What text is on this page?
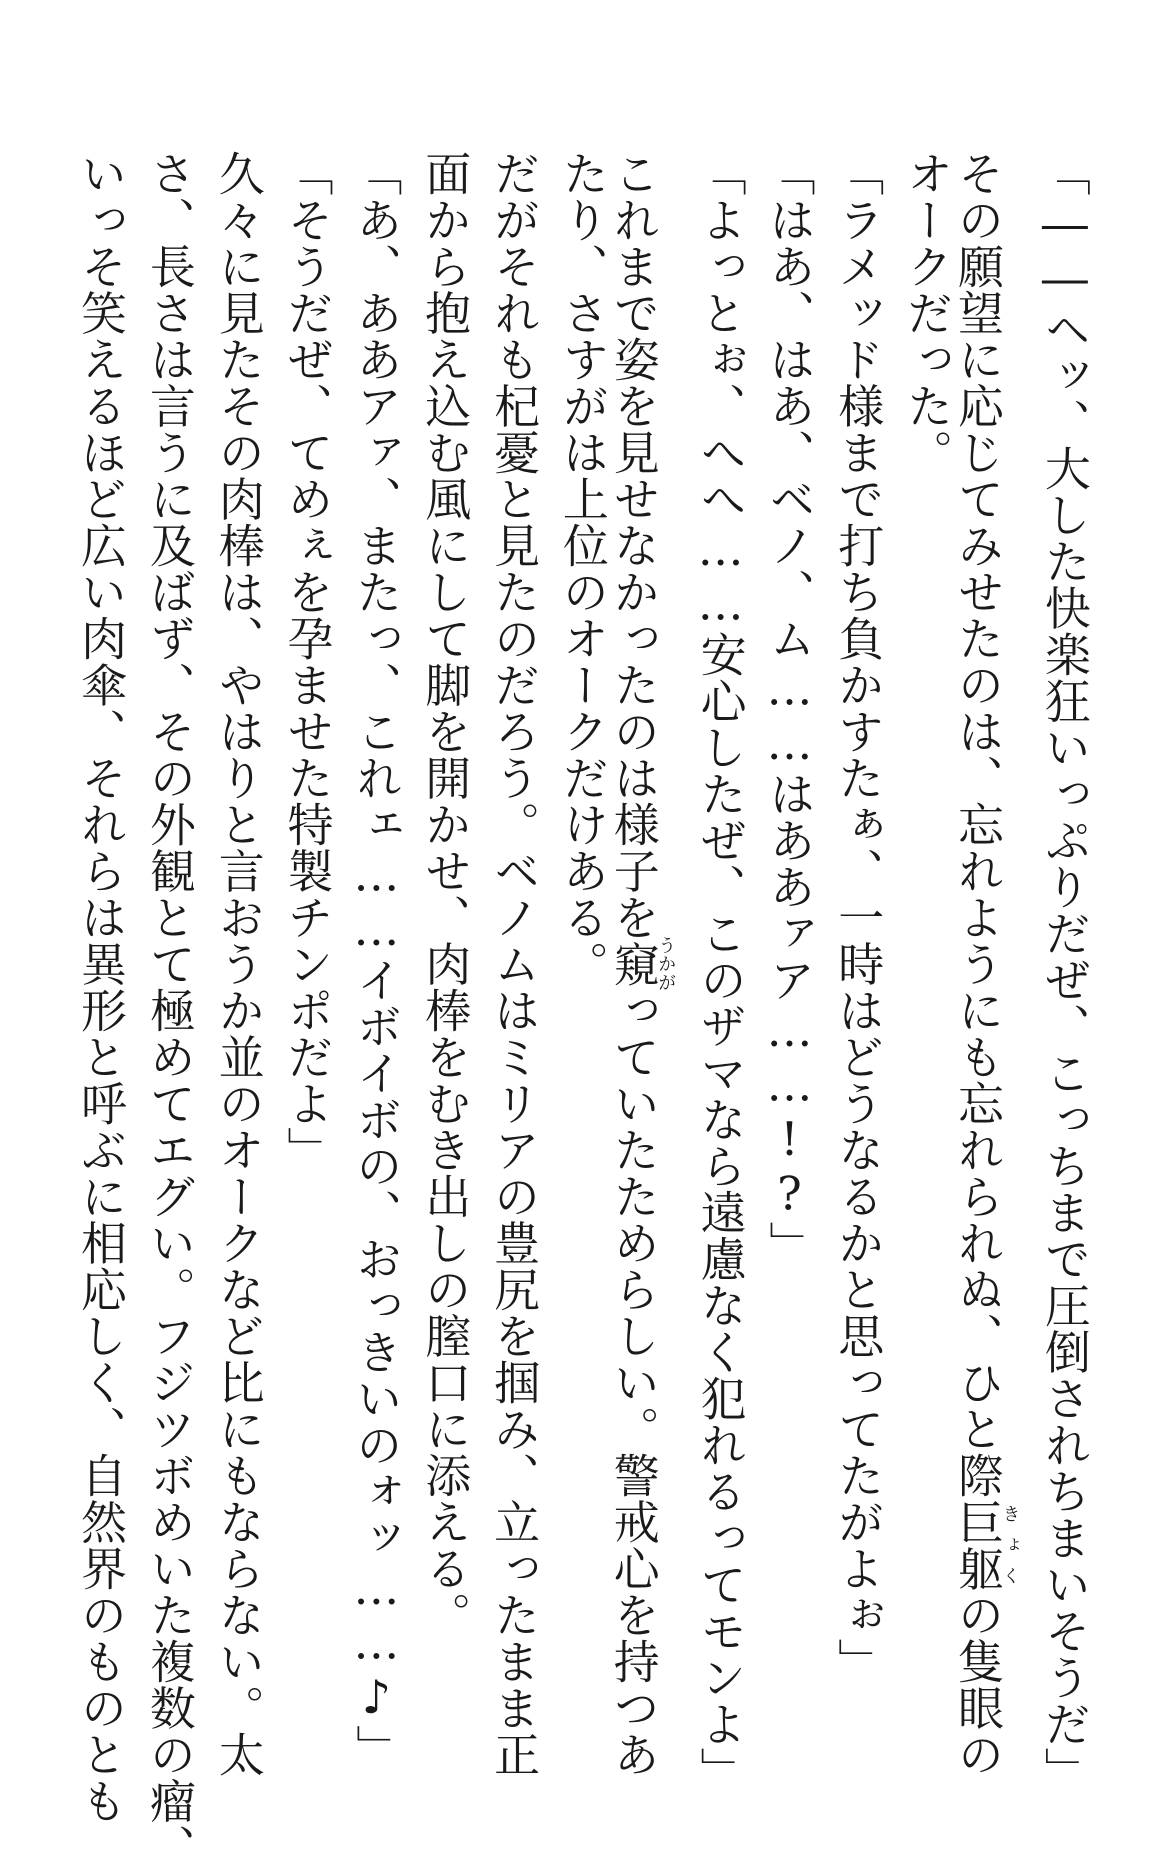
「――ヘッ、大した快楽狂いっぷりだぜ、こっちまで圧倒されちまいそうだ」
その願望に応じてみせたのは、忘れようにも忘れられぬ、ひと際巨躯きょくの隻眼の
オークだった。
「ラメッド様まで打ち負かすたぁ、一時はどうなるかと思ってたがよぉ」
「はあ、はあ、ベノ、ム……はああァア……!?」
「よっとぉ、へへ……安心したぜ、このザマなら遠慮なく犯れるってモンよ」
これまで姿を見せなかったのは様子を窺うかがっていたためらしい。警戒心を持つあ
たり、さすがは上位のオークだけある。
だがそれも杞憂と見たのだろう。ベノムはミリアの豊尻を掴み、立ったまま正
面から抱え込む風にして脚を開かせ、肉棒をむき出しの膣口に添える。
「あ、ああアァ、またっ、これェ……イボイボの、おっきいのォッ……♪」
「そうだぜ、てめぇを孕ませた特製チンポだよ」
久々に見たその肉棒は、やはりと言おうか並のオークなど比にもならない。太
さ、長さは言うに及ばず、その外観とて極めてエグい。フジツボめいた複数の瘤、
いっそ笑えるほど広い肉傘、それらは異形と呼ぶに相応しく、自然界のものとも
